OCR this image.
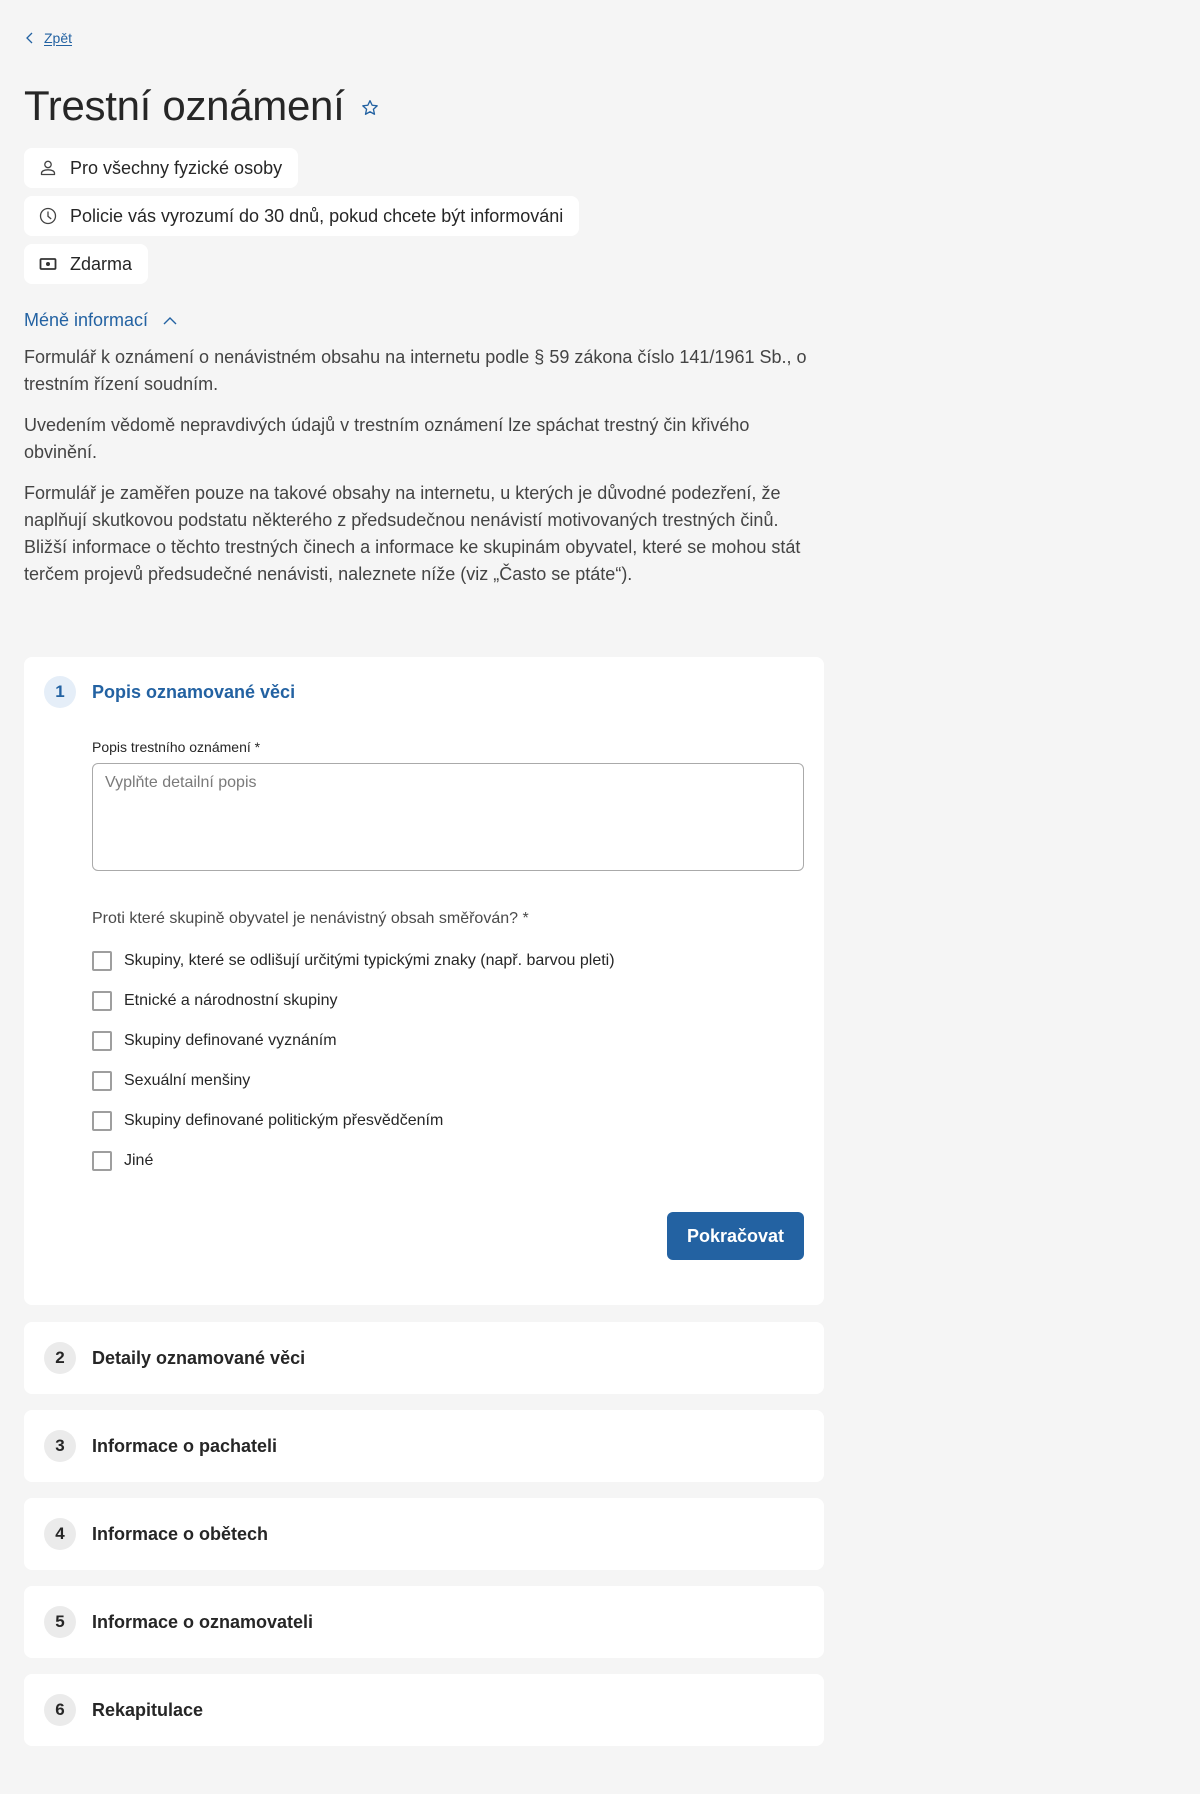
Zpět
Trestní oznámení
Pro všechny fyzické osoby
Policie vás vyrozumí do 30 dnů, pokud chcete být informováni
Zdarma
Méně informací

Formulář k oznámení o nenávistném obsahu na internetu podle § 59 zákona číslo 141/1961 Sb., o trestním řízení soudním.

Uvedením vědomě nepravdivých údajů v trestním oznámení lze spáchat trestný čin křivého obvinění.

Formulář je zaměřen pouze na takové obsahy na internetu, u kterých je důvodné podezření, že naplňují skutkovou podstatu některého z předsudečnou nenávistí motivovaných trestných činů. Bližší informace o těchto trestných činech a informace ke skupinám obyvatel, které se mohou stát terčem projevů předsudečné nenávisti, naleznete níže (viz „Často se ptáte“).

1	Popis oznamované věci
Popis trestního oznámení *
Vyplňte detailní popis
Proti které skupině obyvatel je nenávistný obsah směřován? *
Skupiny, které se odlišují určitými typickými znaky (např. barvou pleti)
Etnické a národnostní skupiny
Skupiny definované vyznáním
Sexuální menšiny
Skupiny definované politickým přesvědčením
Jiné
Pokračovat
2	Detaily oznamované věci
3	Informace o pachateli
4	Informace o obětech
5	Informace o oznamovateli
6	Rekapitulace
